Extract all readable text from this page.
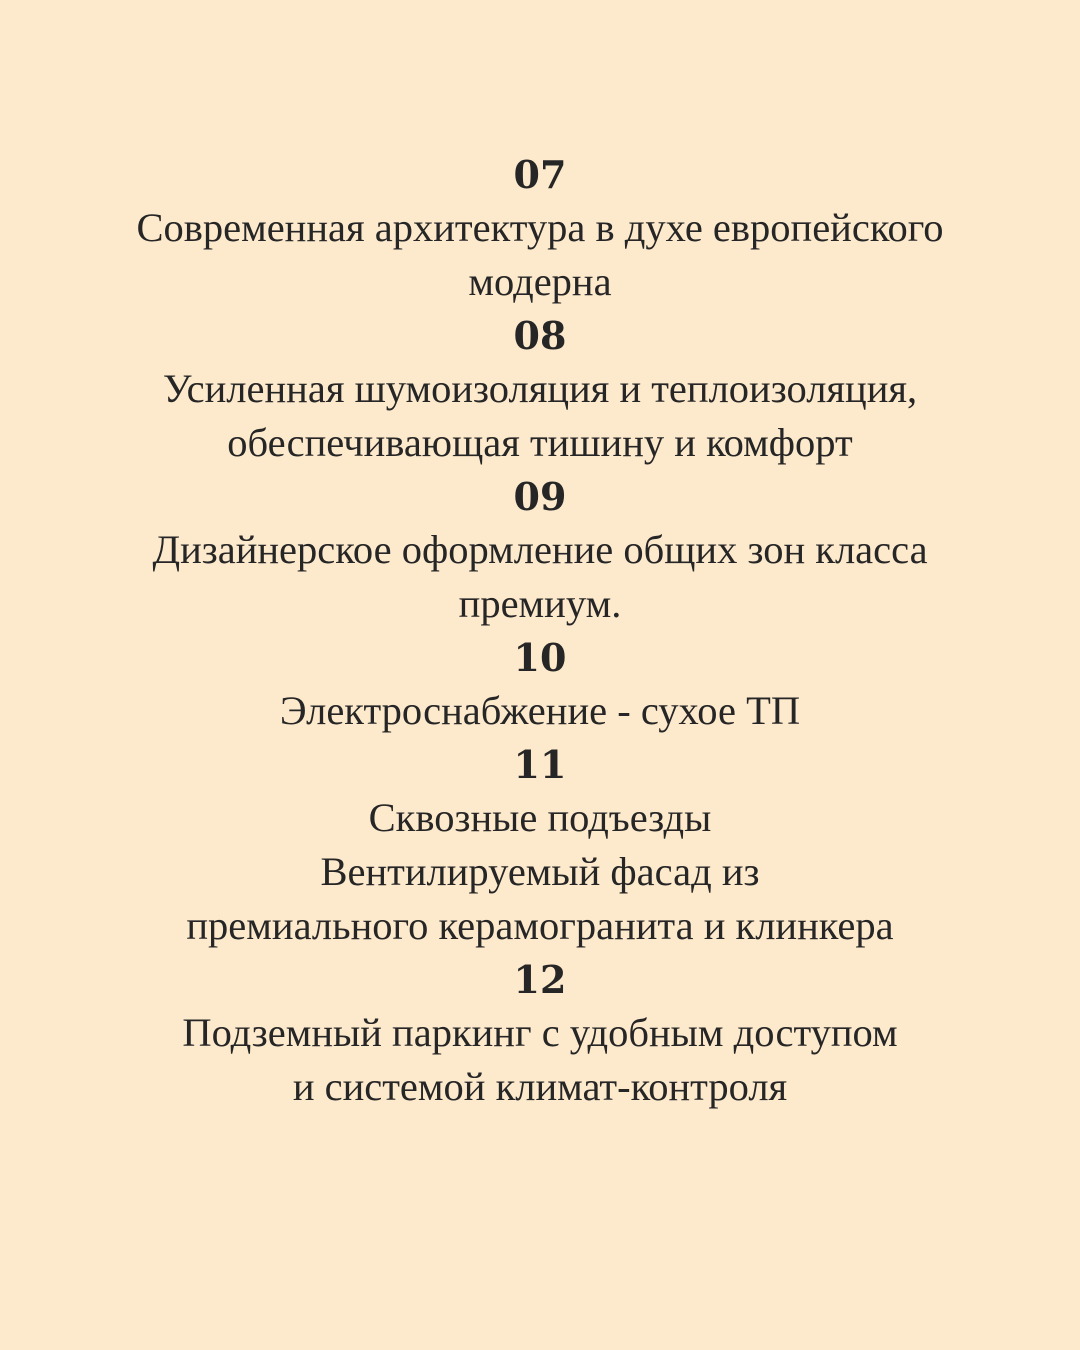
07
Современная архитектура в духе европейского
модерна
08
Усиленная шумоизоляция и теплоизоляция,
обеспечивающая тишину и комфорт
09
Дизайнерское оформление общих зон класса
премиум.
10
Электроснабжение - сухое ТП
11
Сквозные подъезды
Вентилируемый фасад из
премиального керамогранита и клинкера
12
Подземный паркинг с удобным доступом
и системой климат-контроля
